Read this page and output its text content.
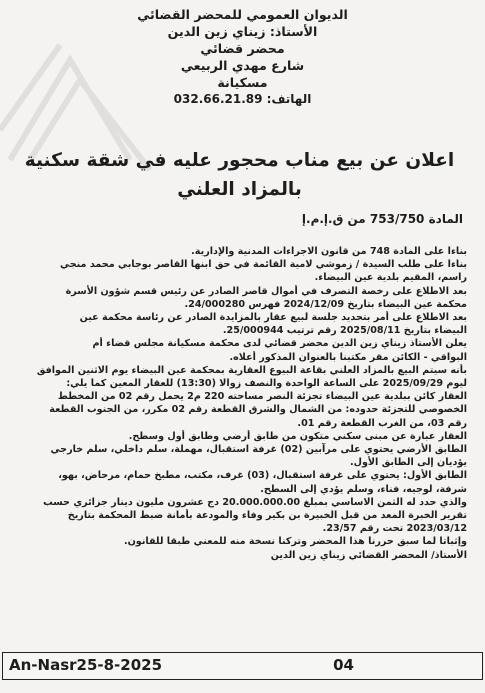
الديوان العمومي للمحضر القضائي
الأستاذ: زيناي زين الدين
محضر قضائي
شارع مهدي الربيعي
مسكيانة
الهاتف: 032.66.21.89
اعلان عن بيع مناب محجور عليه في شقة سكنية
بالمزاد العلني
المادة 753/750 من ق.إ.م.إ
بناءا على المادة 748 من قانون الاجراءات المدنية والإدارية.
بناءا على طلب السيدة / زموشي لامية القائمة في حق ابنها القاصر بوجابي محمد منجي
راسم، المقيم بلدية عين البيضاء.
بعد الاطلاع على رخصة التصرف في أموال قاصر الصادر عن رئيس قسم شؤون الأسرة
محكمة عين البيضاء بتاريخ 2024/12/09 فهرس 24/000280.
بعد الاطلاع على أمر بتحديد جلسة لبيع عقار بالمزايدة الصادر عن رئاسة محكمة عين
البيضاء بتاريخ 2025/08/11 رقم ترتيب 25/000944.
يعلن الأستاذ زيناي زين الدين محضر قضائي لدى محكمة مسكيانة مجلس قضاء أم
البواقي - الكائن مقر مكتبنا بالعنوان المذكور أعلاه.
بأنه سيتم البيع بالمزاد العلني بقاعة البيوع العقارية بمحكمة عين البيضاء يوم الاثنين الموافق
ليوم 2025/09/29 على الساعة الواحدة والنصف زوالا (13:30) للعقار المعين كما يلي:
العقار كائن ببلدية عين البيضاء تجزئة النصر مساحته 220 م2 يحمل رقم 02 من المخطط
الخصوصي للتجزئة حدوده: من الشمال والشرق القطعة رقم 02 مكرر، من الجنوب القطعة
رقم 03، من الغرب القطعة رقم 01.
العقار عبارة عن مبنى سكني متكون من طابق أرضي وطابق أول وسطح.
الطابق الأرضي يحتوي على مرآبين (02) غرفة استقبال، مهملة، سلم داخلي، سلم خارجي
يؤديان إلى الطابق الأول.
الطابق الأول: يحتوي على غرفة استقبال، (03) غرف، مكتب، مطبخ حمام، مرحاض، بهو،
شرفة، لوجيه، فناء، وسلم يؤدي إلى السطح.
والذي حدد له الثمن الاساسي بمبلغ 20.000.000.00 دج عشرون مليون دينار جزائري حسب
تقرير الخبرة المعد من قبل الخبيرة بن بكير وفاء والمودعة بأمانة ضبط المحكمة بتاريخ
2023/03/12 تحت رقم 23/57.
وإثباتا لما سبق حررنا هذا المحضر وتركنا نسخة منه للمعني طبقا للقانون.
الأستاذ/ المحضر القضائي زيناي زين الدين
An-Nasr25-8-2025	04
